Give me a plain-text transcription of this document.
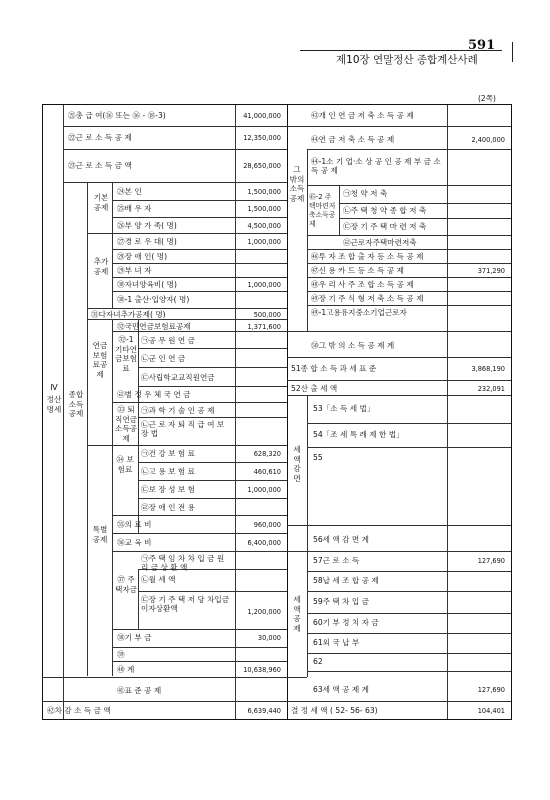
591
제10장 연말정산 종합계산사례
(2쪽)
Ⅳ
정산명세
종합소득공제
㉑총 급 여(⑯ 또는 ⑯ - ⑱-3)	41,000,000
㉒근 로 소 득 공 제	12,350,000
㉓근 로 소 득 금 액	28,650,000
기본공제
㉔본 인	1,500,000
㉕배 우 자	1,500,000
㉖부 양 가 족( 명)	4,500,000
추가공제
㉗경 로 우 대( 명)	1,000,000
㉘장 애 인( 명)
㉙부 녀 자
㉚자녀양육비( 명)	1,000,000
㉚-1 출산·입양자( 명)
㉛다자녀추가공제( 명)	500,000
연금보험료공제
㉜국민연금보험료공제	1,371,600
㉜-1 기타연금보험료
㉠공 무 원 연 금
㉡군 인 연 금
㉢사립학교교직원연금
㉣별 정 우 체 국 연 금
㉝ 퇴직연금소득공제
㉠과 학 기 술 인 공 제
㉡근 로 자 퇴 직 급 여 보 장 법
특별공제
㉞ 보험료
㉠건 강 보 험 료	628,320
㉡고 용 보 험 료	460,610
㉢보 장 성 보 험	1,000,000
㉣장 애 인 전 용
㉟의 료 비	960,000
㊱교 육 비	6,400,000
㊲ 주택자금
㉠주 택 임 차 차 입 금 원 리 금 상 환 액
㉡월 세 액
㉢장 기 주 택 저 당 차입금이자상환액	1,200,000
㊳기 부 금	30,000
㊴
㊵ 계	10,638,960
㊶표 준 공 제
㊷차 감 소 득 금 액	6,639,440
그 밖의 소득공제
㊸개 인 연 금 저 축 소 득 공 제
㊹연 금 저 축 소 득 공 제	2,400,000
㊹-1소 기 업·소 상 공 인 공 제 부 금 소 득 공 제
㊺-2 주택마련저축소득공제
㉠청 약 저 축
㉡주 택 청 약 종 합 저 축
㉢장 기 주 택 마 련 저 축
㉣근로자주택마련저축
㊻투 자 조 합 출 자 등 소 득 공 제
㊼신 용 카 드 등 소 득 공 제	371,290
㊽우 리 사 주 조 합 소 득 공 제
㊾장 기 주 식 형 저 축 소 득 공 제
㊾-1고용유지중소기업근로자
㊿그 밖 의 소 득 공 제 계
51종 합 소 득 과 세 표 준	3,868,190
52산 출 세 액	232,091
세액감면
53「소 득 세 법」
54「조 세 특 례 제 한 법」
55
56세 액 감 면 계
세액공제
57근 로 소 득	127,690
58납 세 조 합 공 제
59주 택 차 입 금
60기 부 정 치 자 금
61외 국 납 부
62
63세 액 공 제 계	127,690
결 정 세 액 ( 52- 56- 63)	104,401
